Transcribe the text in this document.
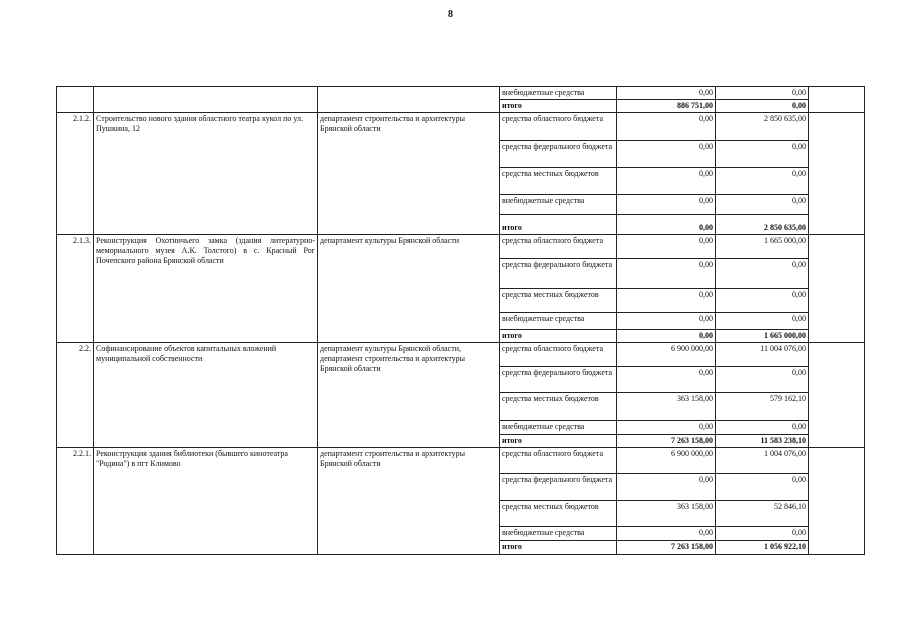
8
			внебюджетные средства	0,00	0,00	
			итого	886 751,00	0,00	
2.1.2.	Строительство нового здания областного театра кукол по ул. Пушкина, 12	департамент строительства и архитектуры Брянской области	средства областного бюджета	0,00	2 850 635,00	
			средства федерального бюджета	0,00	0,00	
			средства местных бюджетов	0,00	0,00	
			внебюджетные средства	0,00	0,00	
			итого	0,00	2 850 635,00	
2.1.3.	Реконструкция Охотничьего замка (здания литературно-мемориального музея А.К. Толстого) в с. Красный Рог Почепского района Брянской области	департамент культуры Брянской области	средства областного бюджета	0,00	1 665 000,00	
			средства федерального бюджета	0,00	0,00	
			средства местных бюджетов	0,00	0,00	
			внебюджетные средства	0,00	0,00	
			итого	0,00	1 665 000,00	
2.2.	Софинансирование объектов капитальных вложений муниципальной собственности	департамент культуры Брянской области, департамент строительства и архитектуры Брянской области	средства областного бюджета	6 900 000,00	11 004 076,00	
			средства федерального бюджета	0,00	0,00	
			средства местных бюджетов	363 158,00	579 162,10	
			внебюджетные средства	0,00	0,00	
			итого	7 263 158,00	11 583 238,10	
2.2.1.	Реконструкция здания библиотеки (бывшего кинотеатра "Родина") в пгт Климово	департамент строительства и архитектуры Брянской области	средства областного бюджета	6 900 000,00	1 004 076,00	
			средства федерального бюджета	0,00	0,00	
			средства местных бюджетов	363 158,00	52 846,10	
			внебюджетные средства	0,00	0,00	
			итого	7 263 158,00	1 056 922,10	
